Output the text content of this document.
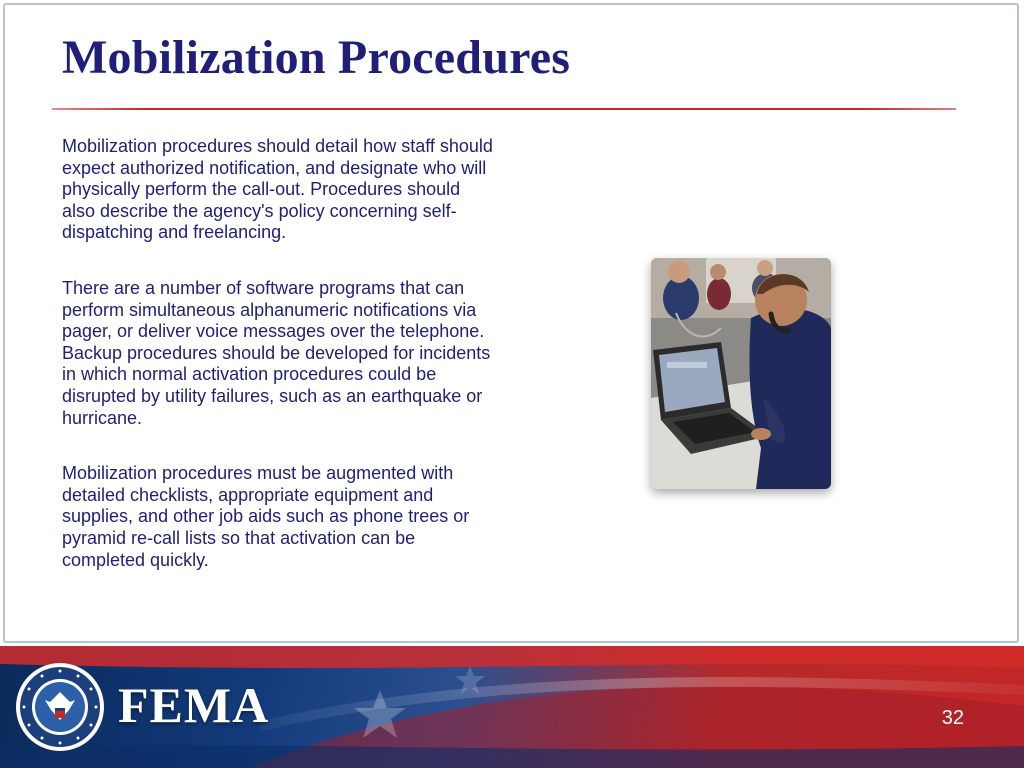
Mobilization Procedures

Mobilization procedures should detail how staff should expect authorized notification, and designate who will physically perform the call-out. Procedures should also describe the agency's policy concerning self-dispatching and freelancing.

There are a number of software programs that can perform simultaneous alphanumeric notifications via pager, or deliver voice messages over the telephone. Backup procedures should be developed for incidents in which normal activation procedures could be disrupted by utility failures, such as an earthquake or hurricane.

Mobilization procedures must be augmented with detailed checklists, appropriate equipment and supplies, and other job aids such as phone trees or pyramid re-call lists so that activation can be completed quickly.

FEMA	32
